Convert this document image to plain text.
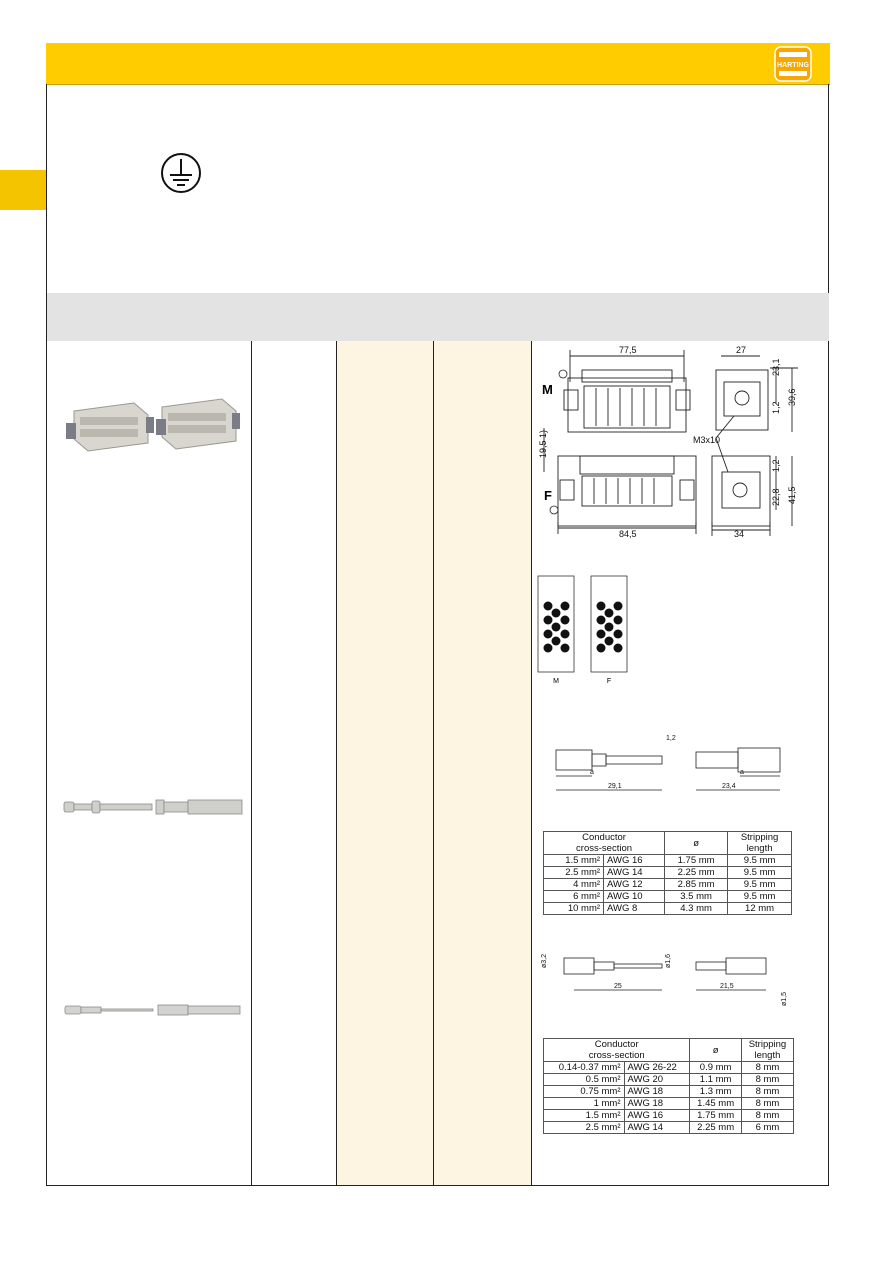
HARTING
77,5	27
23,1
39,6
1,2
19,5
1)
M3x10
84,5	34
1,2
22,8 41,5
M
F
M	F
29,1
1,2
a
23,4
a
Conductor
cross-section		ø	Stripping
length
1.5 mm²	AWG 16	1.75 mm	9.5 mm
2.5 mm²	AWG 14	2.25 mm	9.5 mm
4 mm²	AWG 12	2.85 mm	9.5 mm
6 mm²	AWG 10	3.5 mm	9.5 mm
10 mm²	AWG 8	4.3 mm	12 mm
25	21,5
ø3,2	ø1,6
ø1,5
Conductor
cross-section		ø	Stripping
length
0.14-0.37 mm²	AWG 26-22	0.9 mm	8 mm
0.5 mm²	AWG 20	1.1 mm	8 mm
0.75 mm²	AWG 18	1.3 mm	8 mm
1 mm²	AWG 18	1.45 mm	8 mm
1.5 mm²	AWG 16	1.75 mm	8 mm
2.5 mm²	AWG 14	2.25 mm	6 mm
